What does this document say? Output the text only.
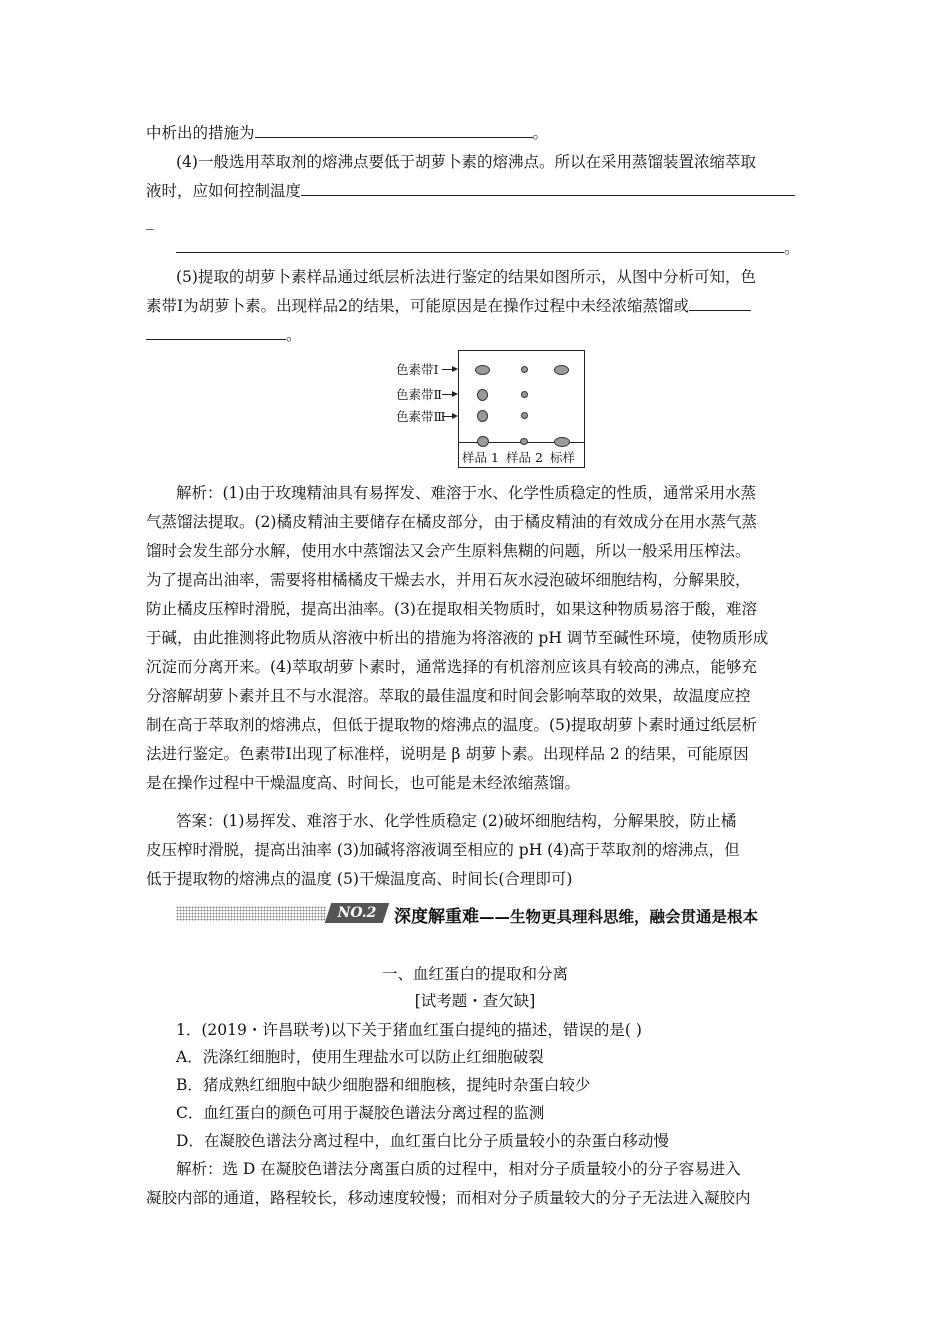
中析出的措施为	。
(4)一般选用萃取剂的熔沸点要低于胡萝卜素的熔沸点。所以在采用蒸馏装置浓缩萃取
液时，应如何控制温度
_
。
(5)提取的胡萝卜素样品通过纸层析法进行鉴定的结果如图所示，从图中分析可知，色
素带Ⅰ为胡萝卜素。出现样品2的结果，可能原因是在操作过程中未经浓缩蒸馏或
。
色素带Ⅰ
色素带Ⅱ
色素带Ⅲ
样品 1 样品 2 标样
解析：(1)由于玫瑰精油具有易挥发、难溶于水、化学性质稳定的性质，通常采用水蒸
气蒸馏法提取。(2)橘皮精油主要储存在橘皮部分，由于橘皮精油的有效成分在用水蒸气蒸
馏时会发生部分水解，使用水中蒸馏法又会产生原料焦糊的问题，所以一般采用压榨法。
为了提高出油率，需要将柑橘橘皮干燥去水，并用石灰水浸泡破坏细胞结构，分解果胶，
防止橘皮压榨时滑脱，提高出油率。(3)在提取相关物质时，如果这种物质易溶于酸，难溶
于碱，由此推测将此物质从溶液中析出的措施为将溶液的 pH 调节至碱性环境，使物质形成
沉淀而分离开来。(4)萃取胡萝卜素时，通常选择的有机溶剂应该具有较高的沸点，能够充
分溶解胡萝卜素并且不与水混溶。萃取的最佳温度和时间会影响萃取的效果，故温度应控
制在高于萃取剂的熔沸点，但低于提取物的熔沸点的温度。(5)提取胡萝卜素时通过纸层析
法进行鉴定。色素带Ⅰ出现了标准样，说明是 β 胡萝卜素。出现样品 2 的结果，可能原因
是在操作过程中干燥温度高、时间长，也可能是未经浓缩蒸馏。
答案：(1)易挥发、难溶于水、化学性质稳定 (2)破坏细胞结构，分解果胶，防止橘
皮压榨时滑脱，提高出油率 (3)加碱将溶液调至相应的 pH (4)高于萃取剂的熔沸点，但
低于提取物的熔沸点的温度 (5)干燥温度高、时间长(合理即可)
NO.2	深度解重难——生物更具理科思维，融会贯通是根本
一、血红蛋白的提取和分离
[试考题・查欠缺]
1．(2019・许昌联考)以下关于猪血红蛋白提纯的描述，错误的是( )
A．洗涤红细胞时，使用生理盐水可以防止红细胞破裂
B．猪成熟红细胞中缺少细胞器和细胞核，提纯时杂蛋白较少
C．血红蛋白的颜色可用于凝胶色谱法分离过程的监测
D．在凝胶色谱法分离过程中，血红蛋白比分子质量较小的杂蛋白移动慢
解析：选 D 在凝胶色谱法分离蛋白质的过程中，相对分子质量较小的分子容易进入
凝胶内部的通道，路程较长，移动速度较慢；而相对分子质量较大的分子无法进入凝胶内
